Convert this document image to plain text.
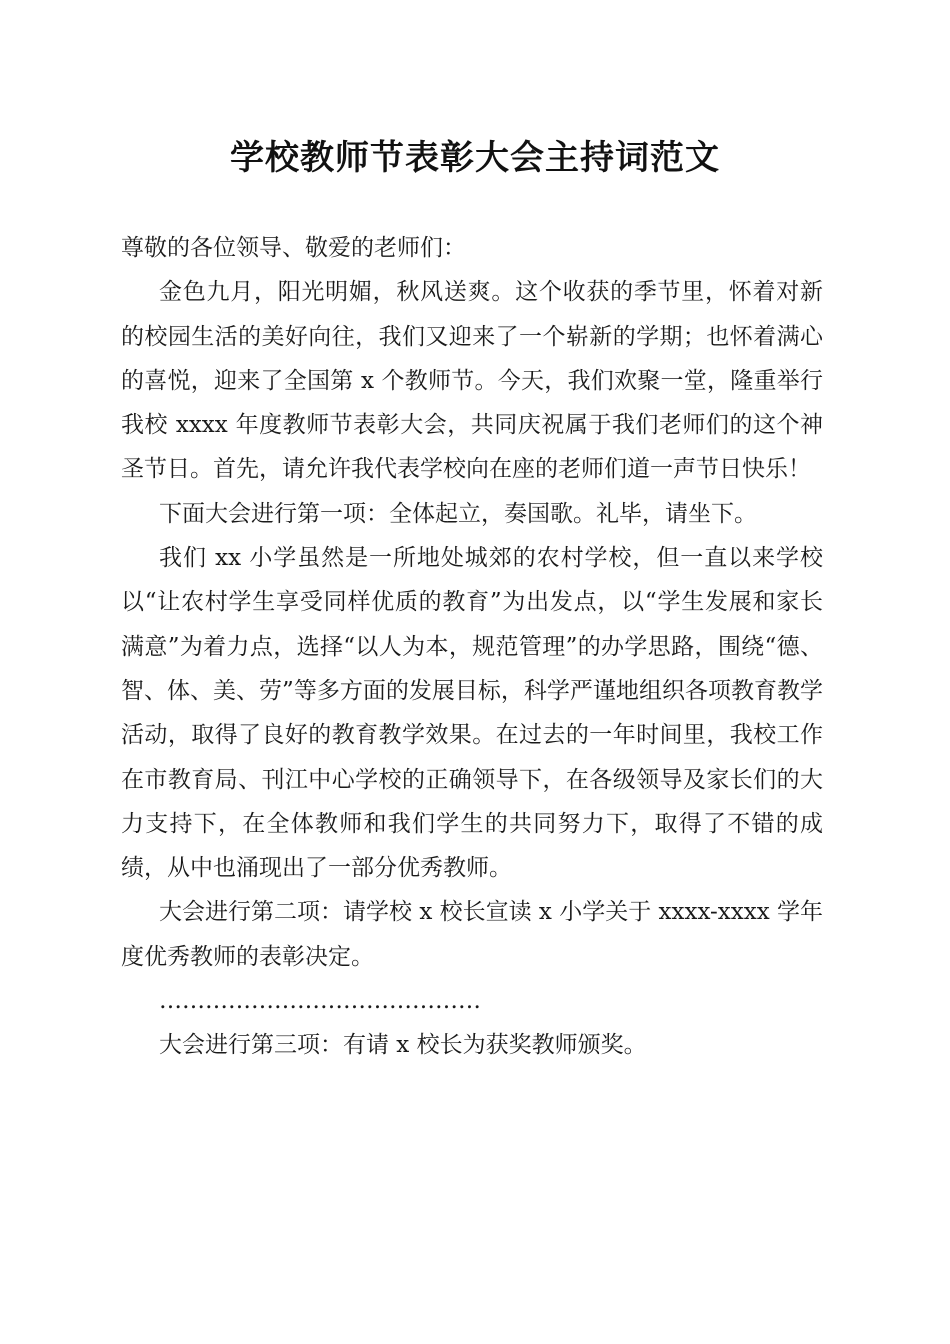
学校教师节表彰大会主持词范文

尊敬的各位领导、敬爱的老师们：

金色九月，阳光明媚，秋风送爽。这个收获的季节里，怀着对新的校园生活的美好向往，我们又迎来了一个崭新的学期；也怀着满心的喜悦，迎来了全国第 x 个教师节。今天，我们欢聚一堂，隆重举行我校 xxxx 年度教师节表彰大会，共同庆祝属于我们老师们的这个神圣节日。首先，请允许我代表学校向在座的老师们道一声节日快乐！

下面大会进行第一项：全体起立，奏国歌。礼毕，请坐下。

我们 xx 小学虽然是一所地处城郊的农村学校，但一直以来学校以“让农村学生享受同样优质的教育”为出发点，以“学生发展和家长满意”为着力点，选择“以人为本，规范管理”的办学思路，围绕“德、智、体、美、劳”等多方面的发展目标，科学严谨地组织各项教育教学活动，取得了良好的教育教学效果。在过去的一年时间里，我校工作在市教育局、刊江中心学校的正确领导下，在各级领导及家长们的大力支持下，在全体教师和我们学生的共同努力下，取得了不错的成绩，从中也涌现出了一部分优秀教师。

大会进行第二项：请学校 x 校长宣读 x 小学关于 xxxx-xxxx 学年度优秀教师的表彰决定。

……………………………………

大会进行第三项：有请 x 校长为获奖教师颁奖。
